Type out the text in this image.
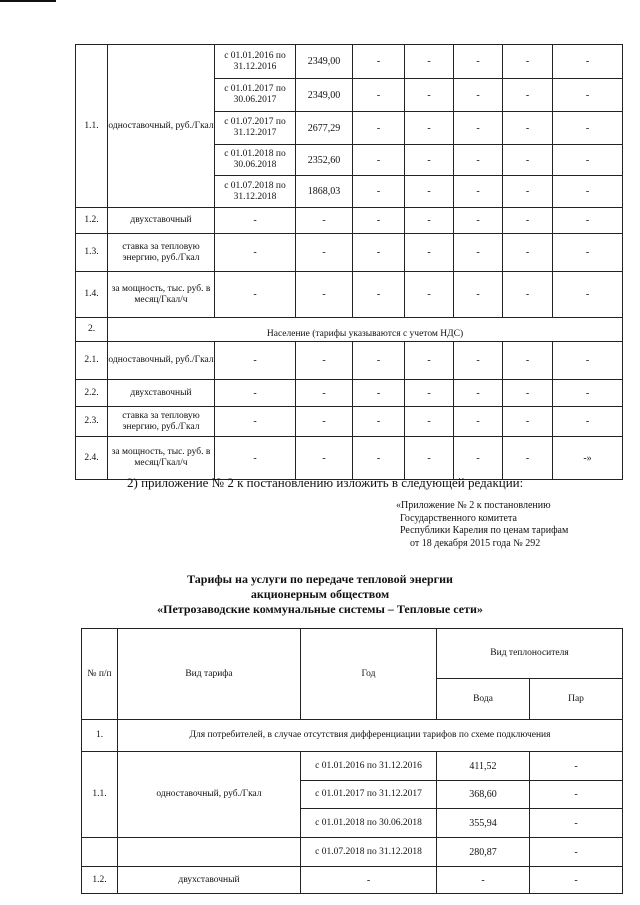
1.1.	одноставочный, руб./Гкал	с 01.01.2016 по 31.12.2016	2349,00	-	-	-	-	-
		с 01.01.2017 по 30.06.2017	2349,00	-	-	-	-	-
		с 01.07.2017 по 31.12.2017	2677,29	-	-	-	-	-
		с 01.01.2018 по 30.06.2018	2352,60	-	-	-	-	-
		с 01.07.2018 по 31.12.2018	1868,03	-	-	-	-	-
1.2.	двухставочный	-	-	-	-	-	-	-
1.3.	ставка за тепловую энергию, руб./Гкал	-	-	-	-	-	-	-
1.4.	за мощность, тыс. руб. в месяц/Гкал/ч	-	-	-	-	-	-	-
2.	Население (тарифы указываются с учетом НДС)							
2.1.	одноставочный, руб./Гкал	-	-	-	-	-	-	-
2.2.	двухставочный	-	-	-	-	-	-	-
2.3.	ставка за тепловую энергию, руб./Гкал	-	-	-	-	-	-	-
2.4.	за мощность, тыс. руб. в месяц/Гкал/ч	-	-	-	-	-	-	-»
2) приложение № 2 к постановлению изложить в следующей редакции:
«Приложение № 2 к постановлению
Государственного комитета
Республики Карелия по ценам тарифам
от 18 декабря 2015 года № 292
Тарифы на услуги по передаче тепловой энергии
акционерным обществом
«Петрозаводские коммунальные системы – Тепловые сети»
№ п/п	Вид тарифа	Год	Вид теплоносителя	
			Вода	Пар
1.	Для потребителей, в случае отсутствия дифференциации тарифов по схеме подключения			
1.1.	одноставочный, руб./Гкал	с 01.01.2016 по 31.12.2016	411,52	-
		с 01.01.2017 по 31.12.2017	368,60	-
		с 01.01.2018 по 30.06.2018	355,94	-
		с 01.07.2018 по 31.12.2018	280,87	-
1.2.	двухставочный	-	-	-
